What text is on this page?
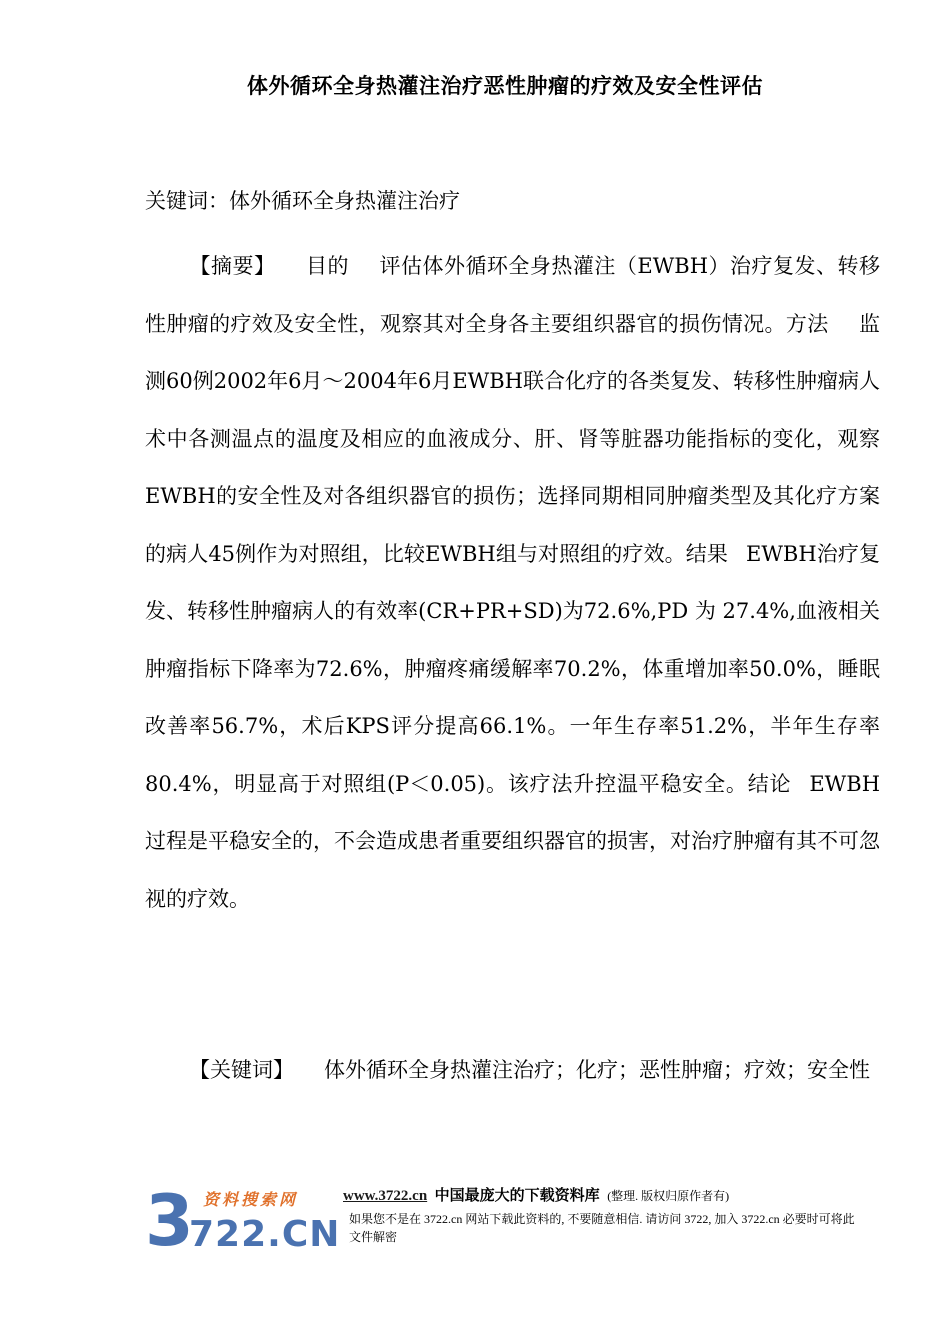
体外循环全身热灌注治疗恶性肿瘤的疗效及安全性评估
关键词：体外循环全身热灌注治疗
【摘要】 目的 评估体外循环全身热灌注（EWBH）治疗复发、转移性肿瘤的疗效及安全性，观察其对全身各主要组织器官的损伤情况。方法 监测60例2002年6月～2004年6月EWBH联合化疗的各类复发、转移性肿瘤病人术中各测温点的温度及相应的血液成分、肝、肾等脏器功能指标的变化，观察EWBH的安全性及对各组织器官的损伤；选择同期相同肿瘤类型及其化疗方案的病人45例作为对照组，比较EWBH组与对照组的疗效。结果 EWBH治疗复发、转移性肿瘤病人的有效率(CR+PR+SD)为72.6%,PD 为 27.4%,血液相关肿瘤指标下降率为72.6%，肿瘤疼痛缓解率70.2%，体重增加率50.0%，睡眠改善率56.7%，术后KPS评分提高66.1%。一年生存率51.2%，半年生存率80.4%，明显高于对照组(P＜0.05)。该疗法升控温平稳安全。结论 EWBH过程是平稳安全的，不会造成患者重要组织器官的损害，对治疗肿瘤有其不可忽视的疗效。
【关键词】 体外循环全身热灌注治疗；化疗；恶性肿瘤；疗效；安全性
3 资料搜索网
722.CN
www.3722.cn 中国最庞大的下载资料库 (整理. 版权归原作者有)
如果您不是在 3722.cn 网站下载此资料的, 不要随意相信. 请访问 3722, 加入 3722.cn 必要时可将此文件解密
